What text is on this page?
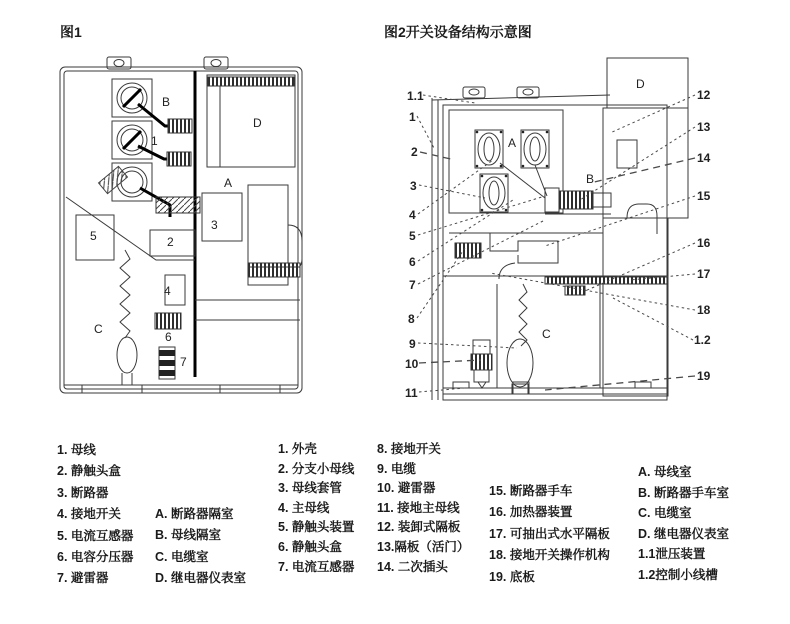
图1	图2开关设备结构示意图
B
1
D
A
3
5	2
4
C
6
7
A
B
C
D
1.1
1
2
3
4
5
6
7
8
9
10
11
12
13
14
15
16
17
18
1.2
19
1. 母线
2. 静触头盒
3. 断路器
4. 接地开关
5. 电流互感器
6. 电容分压器
7. 避雷器
A. 断路器隔室
B. 母线隔室
C. 电缆室
D. 继电器仪表室
1. 外壳
2. 分支小母线
3. 母线套管
4. 主母线
5. 静触头装置
6. 静触头盒
7. 电流互感器
8. 接地开关
9. 电缆
10. 避雷器
11. 接地主母线
12. 装卸式隔板
13.隔板（活门）
14. 二次插头
15. 断路器手车
16. 加热器装置
17. 可抽出式水平隔板
18. 接地开关操作机构
19. 底板
A. 母线室
B. 断路器手车室
C. 电缆室
D. 继电器仪表室
1.1泄压装置
1.2控制小线槽
